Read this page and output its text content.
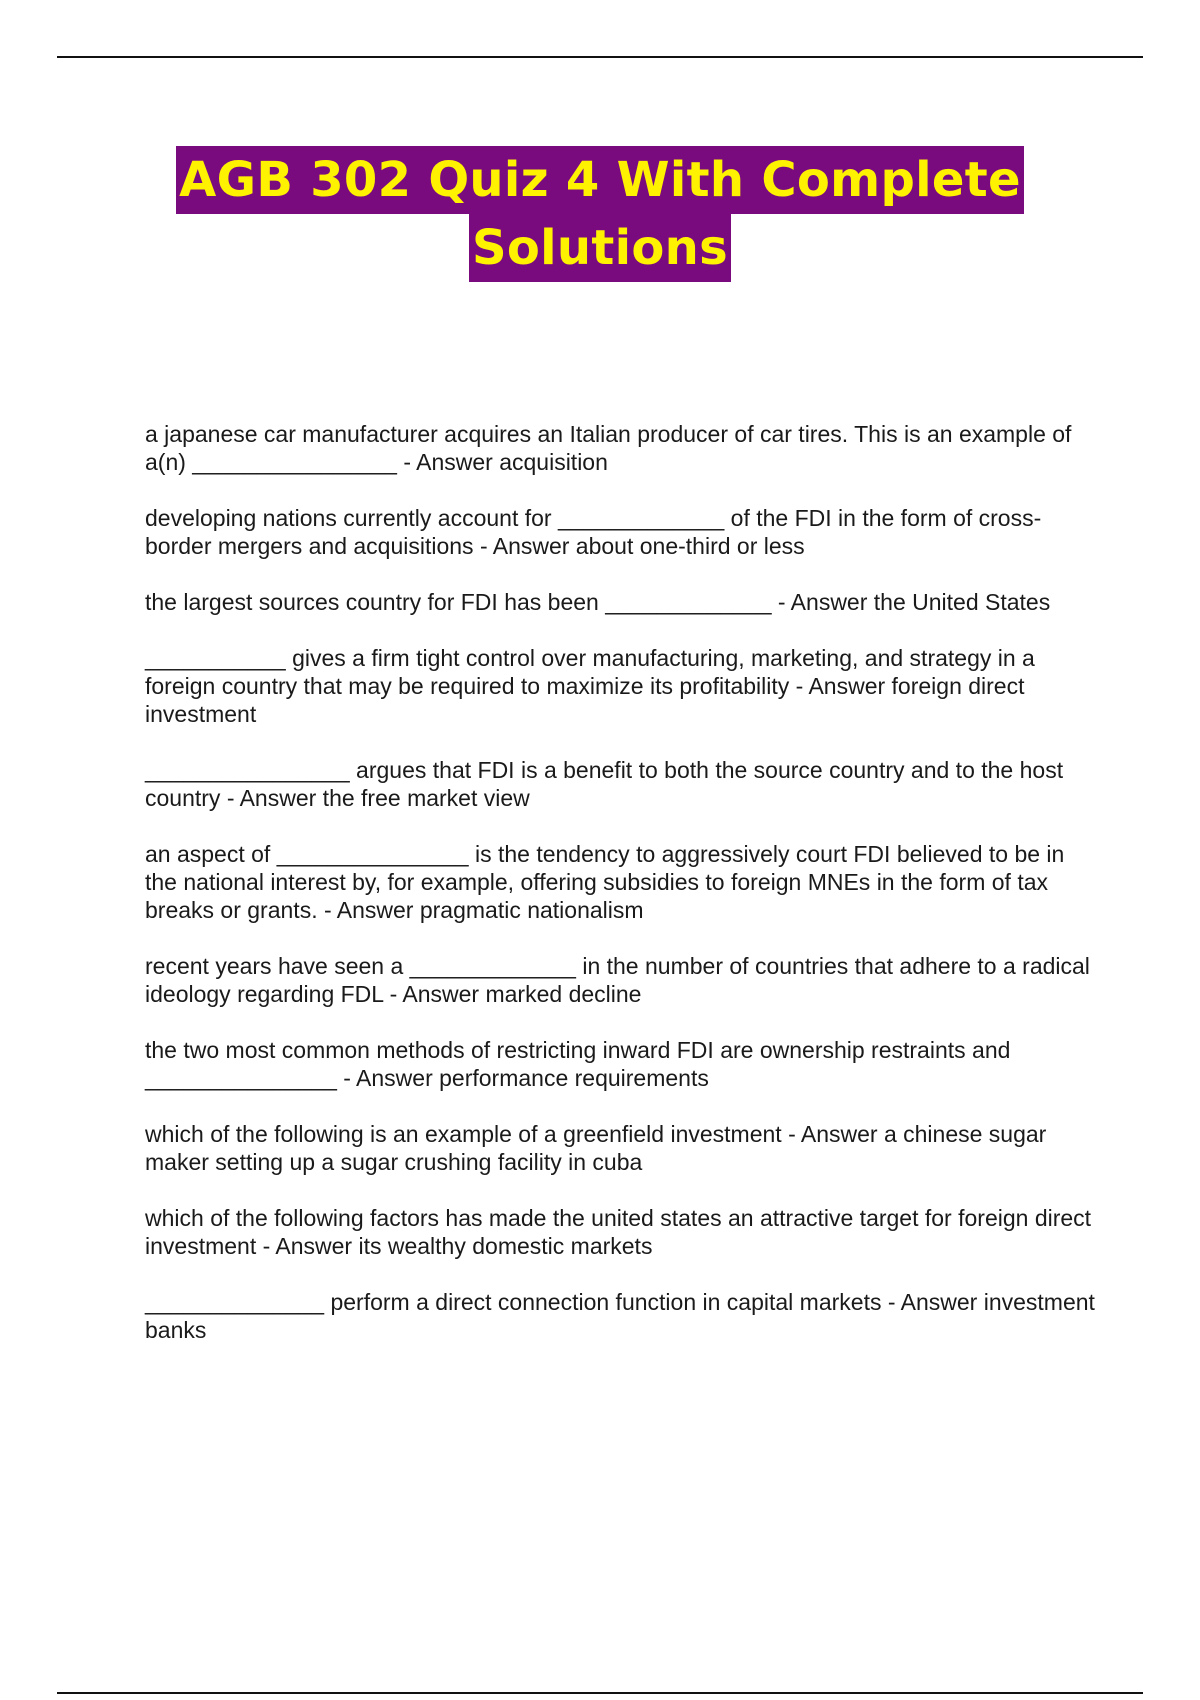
AGB 302 Quiz 4 With Complete
Solutions
a japanese car manufacturer acquires an Italian producer of car tires. This is an example of a(n) ________________ - Answer acquisition
developing nations currently account for _____________ of the FDI in the form of cross-border mergers and acquisitions - Answer about one-third or less
the largest sources country for FDI has been _____________ - Answer the United States
___________ gives a firm tight control over manufacturing, marketing, and strategy in a foreign country that may be required to maximize its profitability - Answer foreign direct investment
________________ argues that FDI is a benefit to both the source country and to the host country - Answer the free market view
an aspect of _______________ is the tendency to aggressively court FDI believed to be in the national interest by, for example, offering subsidies to foreign MNEs in the form of tax breaks or grants. - Answer pragmatic nationalism
recent years have seen a _____________ in the number of countries that adhere to a radical ideology regarding FDL - Answer marked decline
the two most common methods of restricting inward FDI are ownership restraints and _______________ - Answer performance requirements
which of the following is an example of a greenfield investment - Answer a chinese sugar maker setting up a sugar crushing facility in cuba
which of the following factors has made the united states an attractive target for foreign direct investment - Answer its wealthy domestic markets
______________ perform a direct connection function in capital markets - Answer investment banks
